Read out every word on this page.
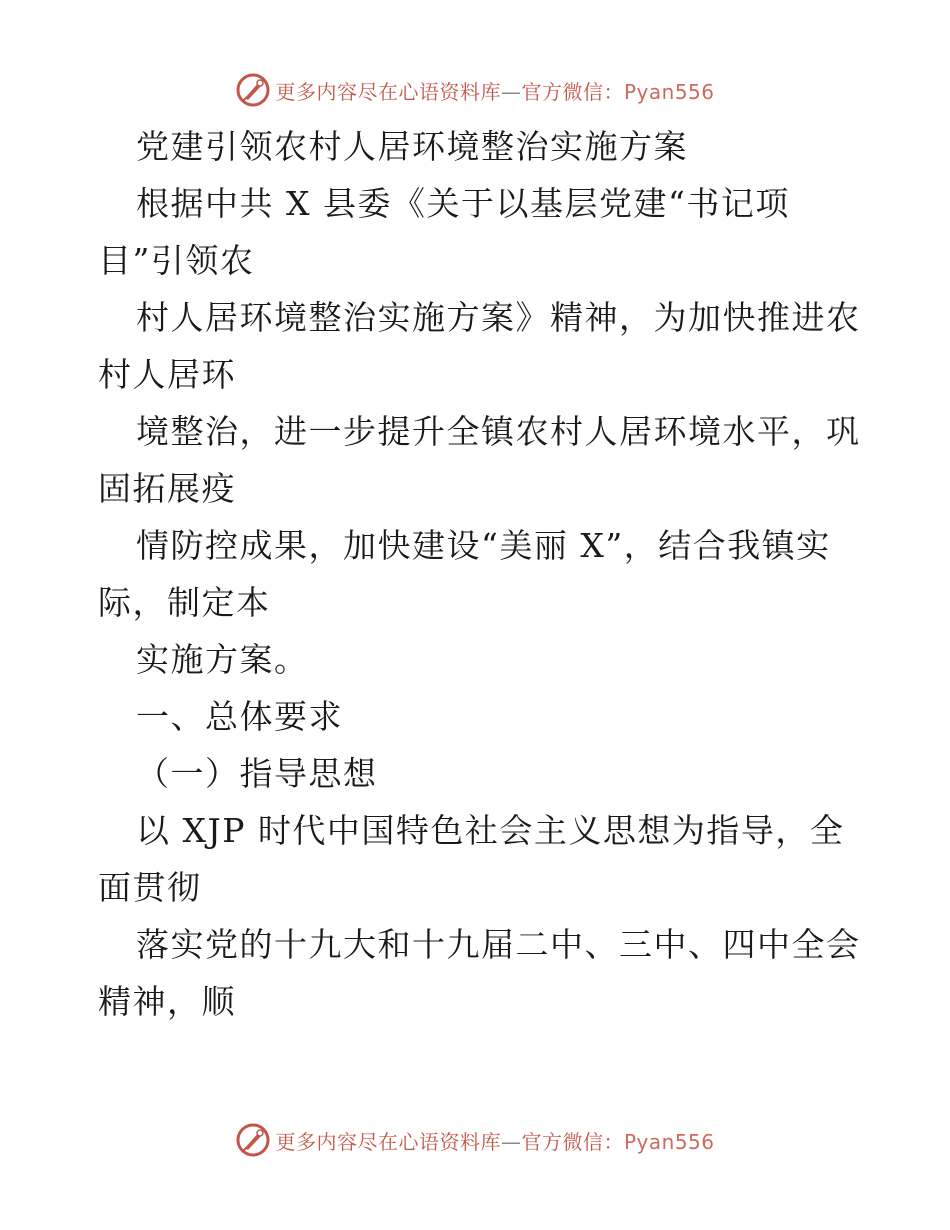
更多内容尽在心语资料库—官方微信：Pyan556
党建引领农村人居环境整治实施方案
根据中共 X 县委《关于以基层党建“书记项
目”引领农
村人居环境整治实施方案》精神，为加快推进农
村人居环
境整治，进一步提升全镇农村人居环境水平，巩
固拓展疫
情防控成果，加快建设“美丽 X”，结合我镇实
际，制定本
实施方案。
一、总体要求
（一）指导思想
以 XJP 时代中国特色社会主义思想为指导，全
面贯彻
落实党的十九大和十九届二中、三中、四中全会
精神，顺
更多内容尽在心语资料库—官方微信：Pyan556
